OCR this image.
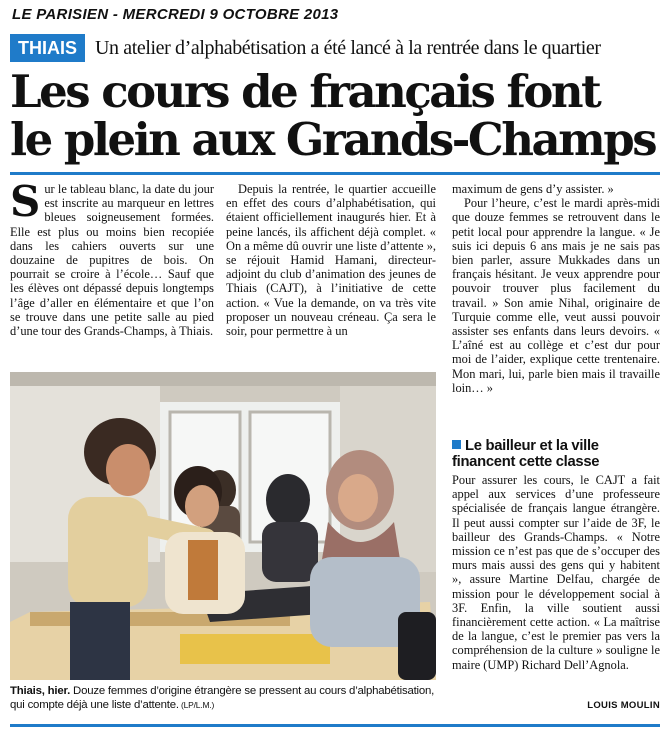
LE PARISIEN - MERCREDI 9 OCTOBRE 2013
THIAIS Un atelier d’alphabétisation a été lancé à la rentrée dans le quartier
Les cours de français font
le plein aux Grands-Champs

Sur le tableau blanc, la date du jour est inscrite au marqueur en lettres bleues soigneusement formées. Elle est plus ou moins bien recopiée dans les cahiers ouverts sur une douzaine de pupitres de bois. On pourrait se croire à l’école… Sauf que les élèves ont dépassé depuis longtemps l’âge d’aller en élémentaire et que l’on se trouve dans une petite salle au pied d’une tour des Grands-Champs, à Thiais.

Depuis la rentrée, le quartier accueille en effet des cours d’alphabétisation, qui étaient officiellement inaugurés hier. Et à peine lancés, ils affichent déjà complet. « On a même dû ouvrir une liste d’attente », se réjouit Hamid Hamani, directeur-adjoint du club d’animation des jeunes de Thiais (CAJT), à l’initiative de cette action. « Vue la demande, on va très vite proposer un nouveau créneau. Ça sera le soir, pour permettre à un

maximum de gens d’y assister. »

Pour l’heure, c’est le mardi après-midi que douze femmes se retrouvent dans le petit local pour apprendre la langue. « Je suis ici depuis 6 ans mais je ne sais pas bien parler, assure Mukkades dans un français hésitant. Je veux apprendre pour pouvoir trouver plus facilement du travail. » Son amie Nihal, originaire de Turquie comme elle, veut aussi pouvoir assister ses enfants dans leurs devoirs. « L’aîné est au collège et c’est dur pour moi de l’aider, explique cette trentenaire. Mon mari, lui, parle bien mais il travaille loin… »

Thiais, hier. Douze femmes d’origine étrangère se pressent au cours d’alphabétisation, qui compte déjà une liste d’attente. (LP/L.M.)
Le bailleur et la ville
financent cette classe

Pour assurer les cours, le CAJT a fait appel aux services d’une professeure spécialisée de français langue étrangère. Il peut aussi compter sur l’aide de 3F, le bailleur des Grands-Champs. « Notre mission ce n’est pas que de s’occuper des murs mais aussi des gens qui y habitent », assure Martine Delfau, chargée de mission pour le développement social à 3F. Enfin, la ville soutient aussi financièrement cette action. « La maîtrise de la langue, c’est le premier pas vers la compréhension de la culture » souligne le maire (UMP) Richard Dell’Agnola.

LOUIS MOULIN
